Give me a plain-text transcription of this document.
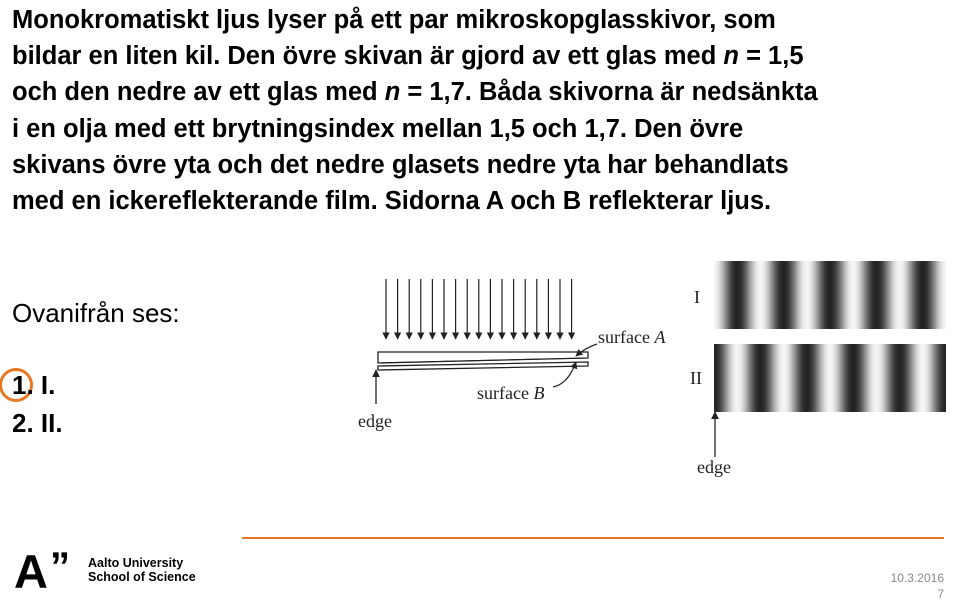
Monokromatiskt ljus lyser på ett par mikroskopglasskivor, som
bildar en liten kil. Den övre skivan är gjord av ett glas med n = 1,5
och den nedre av ett glas med n = 1,7. Båda skivorna är nedsänkta
i en olja med ett brytningsindex mellan 1,5 och 1,7. Den övre
skivans övre yta och det nedre glasets nedre yta har behandlats
med en ickereflekterande film. Sidorna A och B reflekterar ljus.
Ovanifrån ses:
1. I.
2. II.
surface A
surface B
edge
edge
I
II
A ” Aalto University
School of Science	10.3.2016
7
